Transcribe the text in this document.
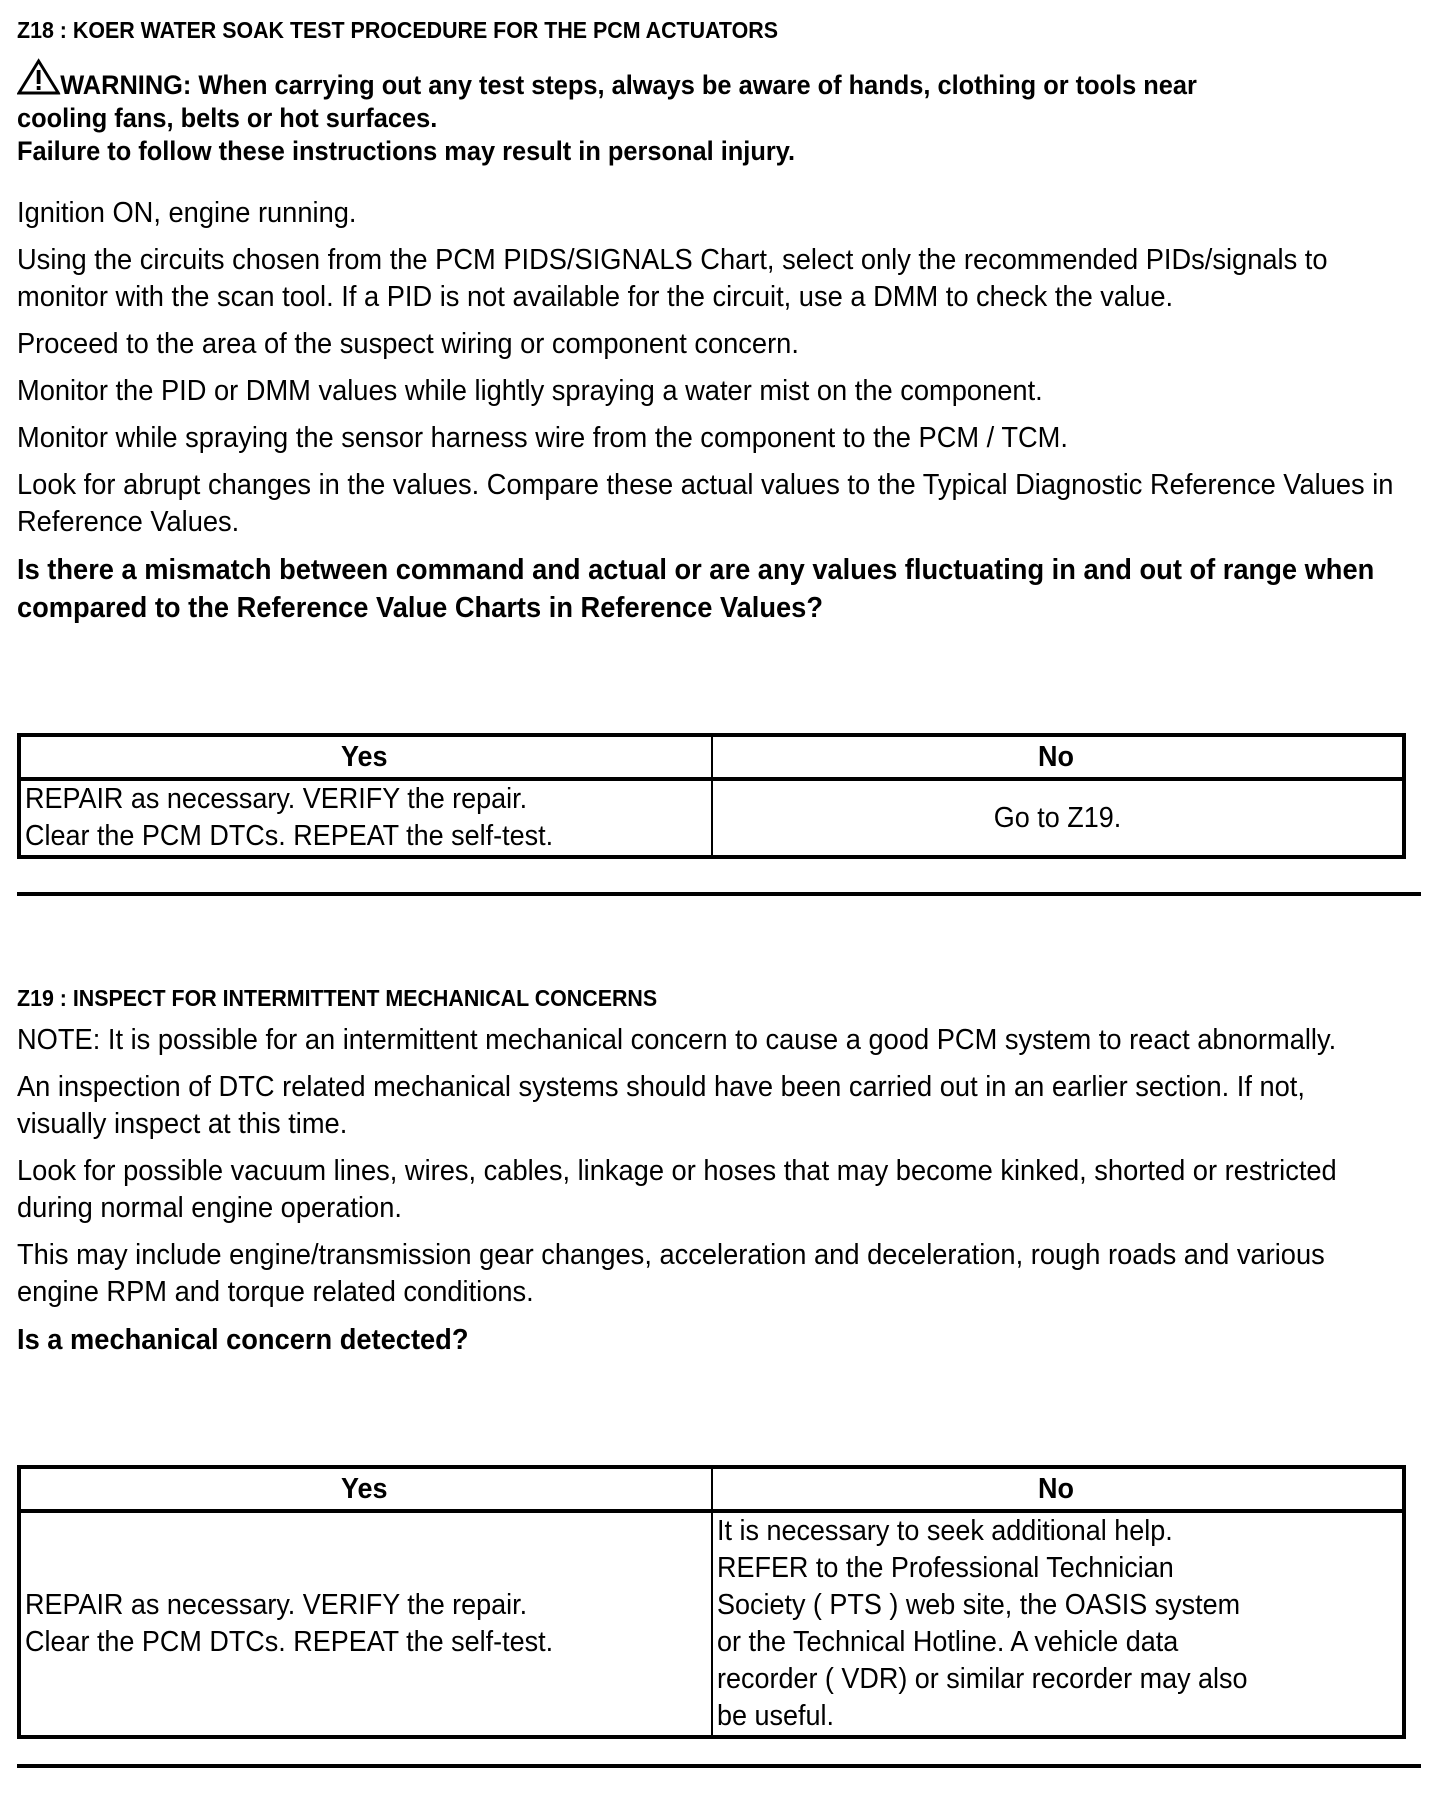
Z18 : KOER WATER SOAK TEST PROCEDURE FOR THE PCM ACTUATORS
WARNING: When carrying out any test steps, always be aware of hands, clothing or tools near
cooling fans, belts or hot surfaces.
Failure to follow these instructions may result in personal injury.

Ignition ON, engine running.

Using the circuits chosen from the PCM PIDS/SIGNALS Chart, select only the recommended PIDs/signals to monitor with the scan tool. If a PID is not available for the circuit, use a DMM to check the value.

Proceed to the area of the suspect wiring or component concern.

Monitor the PID or DMM values while lightly spraying a water mist on the component.

Monitor while spraying the sensor harness wire from the component to the PCM / TCM.

Look for abrupt changes in the values. Compare these actual values to the Typical Diagnostic Reference Values in Reference Values.

Is there a mismatch between command and actual or are any values fluctuating in and out of range when compared to the Reference Value Charts in Reference Values?

Yes	No
REPAIR as necessary. VERIFY the repair.
Clear the PCM DTCs. REPEAT the self-test.	Go to Z19.
Z19 : INSPECT FOR INTERMITTENT MECHANICAL CONCERNS

NOTE: It is possible for an intermittent mechanical concern to cause a good PCM system to react abnormally.

An inspection of DTC related mechanical systems should have been carried out in an earlier section. If not, visually inspect at this time.

Look for possible vacuum lines, wires, cables, linkage or hoses that may become kinked, shorted or restricted during normal engine operation.

This may include engine/transmission gear changes, acceleration and deceleration, rough roads and various engine RPM and torque related conditions.

Is a mechanical concern detected?

Yes	No
REPAIR as necessary. VERIFY the repair.
Clear the PCM DTCs. REPEAT the self-test.	It is necessary to seek additional help.
REFER to the Professional Technician
Society ( PTS ) web site, the OASIS system
or the Technical Hotline. A vehicle data
recorder ( VDR) or similar recorder may also
be useful.
